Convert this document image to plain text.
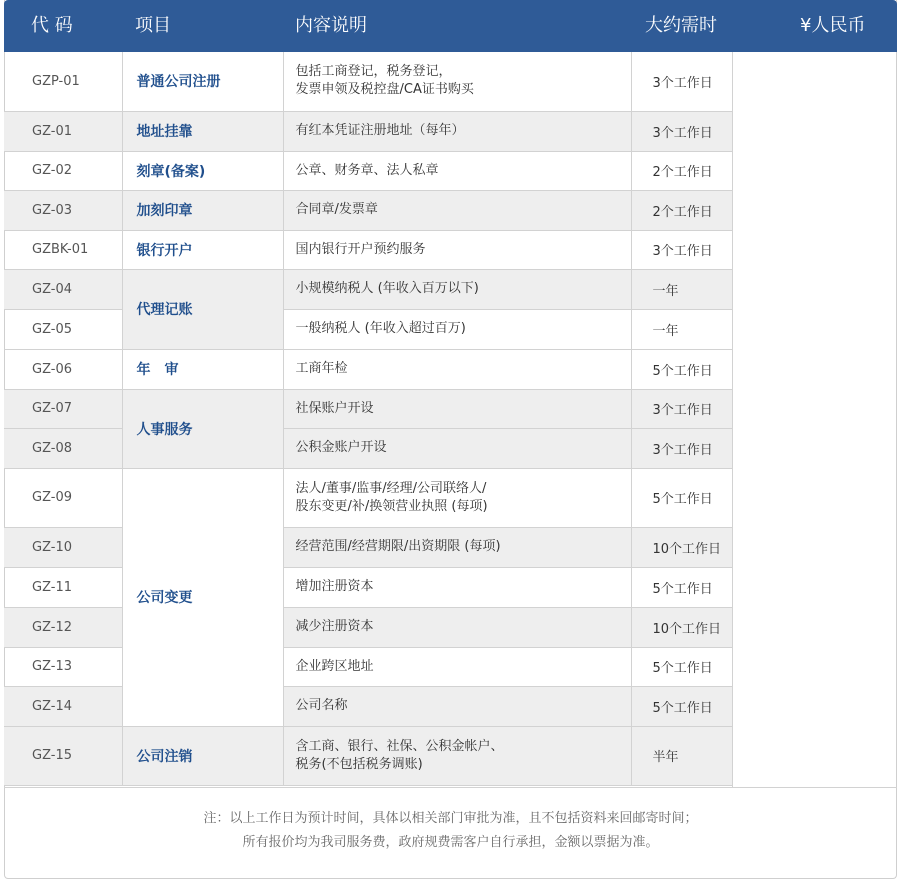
代 码	项目	内容说明	大约需时	¥人民币
GZP-01	普通公司注册	包括工商登记，税务登记，
发票申领及税控盘/CA证书购买	3个工作日
GZ-01	地址挂靠	有红本凭证注册地址（每年）	3个工作日
GZ-02	刻章(备案)	公章、财务章、法人私章	2个工作日
GZ-03	加刻印章	合同章/发票章	2个工作日
GZBK-01	银行开户	国内银行开户预约服务	3个工作日
GZ-04	代理记账	小规模纳税人 (年收入百万以下)	一年
GZ-05		一般纳税人 (年收入超过百万)	一年
GZ-06	年　审	工商年检	5个工作日
GZ-07	人事服务	社保账户开设	3个工作日
GZ-08		公积金账户开设	3个工作日
GZ-09	公司变更	法人/董事/监事/经理/公司联络人/
股东变更/补/换领营业执照 (每项)	5个工作日
GZ-10		经营范围/经营期限/出资期限 (每项)	10个工作日
GZ-11		增加注册资本	5个工作日
GZ-12		减少注册资本	10个工作日
GZ-13		企业跨区地址	5个工作日
GZ-14		公司名称	5个工作日
GZ-15	公司注销	含工商、银行、社保、公积金帐户、
税务(不包括税务调账)	半年

注：以上工作日为预计时间，具体以相关部门审批为准，且不包括资料来回邮寄时间；

所有报价均为我司服务费，政府规费需客户自行承担，金额以票据为准。
